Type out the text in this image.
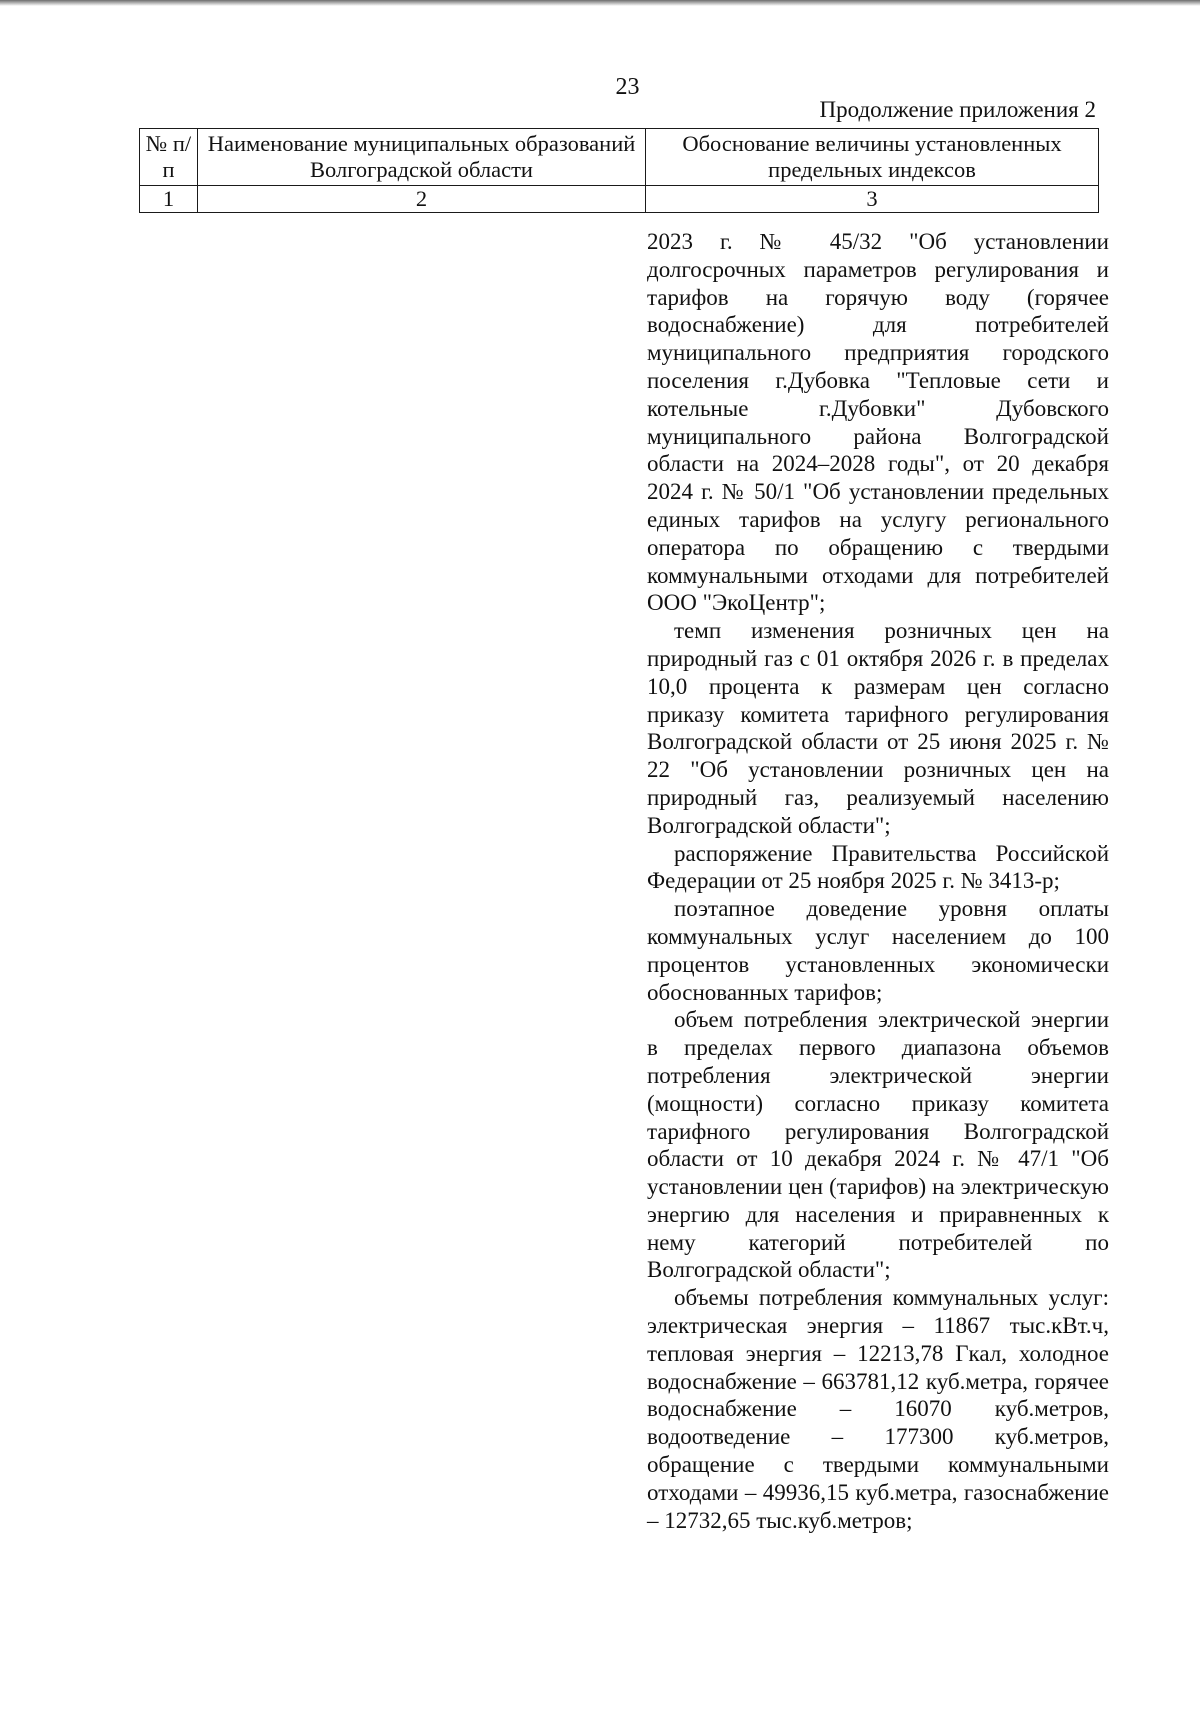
23
Продолжение приложения 2
№ п/п	Наименование муниципальных образований Волгоградской области	Обоснование величины установленных предельных индексов
1	2	3

2023 г. № 45/32 "Об установлении долгосрочных параметров регулирования и тарифов на горячую воду (горячее водоснабжение) для потребителей муниципального предприятия городского поселения г.Дубовка "Тепловые сети и котельные г.Дубовки" Дубовского муниципального района Волгоградской области на 2024–2028 годы", от 20 декабря 2024 г. № 50/1 "Об установлении предельных единых тарифов на услугу регионального оператора по обращению с твердыми коммунальными отходами для потребителей ООО "ЭкоЦентр";

темп изменения розничных цен на природный газ с 01 октября 2026 г. в пределах 10,0 процента к размерам цен согласно приказу комитета тарифного регулирования Волгоградской области от 25 июня 2025 г. № 22 "Об установлении розничных цен на природный газ, реализуемый населению Волгоградской области";

распоряжение Правительства Российской Федерации от 25 ноября 2025 г. № 3413-р;

поэтапное доведение уровня оплаты коммунальных услуг населением до 100 процентов установленных экономически обоснованных тарифов;

объем потребления электрической энергии в пределах первого диапазона объемов потребления электрической энергии (мощности) согласно приказу комитета тарифного регулирования Волгоградской области от 10 декабря 2024 г. № 47/1 "Об установлении цен (тарифов) на электрическую энергию для населения и приравненных к нему категорий потребителей по Волгоградской области";

объемы потребления коммунальных услуг: электрическая энергия – 11867 тыс.кВт.ч, тепловая энергия – 12213,78 Гкал, холодное водоснабжение – 663781,12 куб.метра, горячее водоснабжение – 16070 куб.метров, водоотведение – 177300 куб.метров, обращение с твердыми коммунальными отходами – 49936,15 куб.метра, газоснабжение – 12732,65 тыс.куб.метров;
